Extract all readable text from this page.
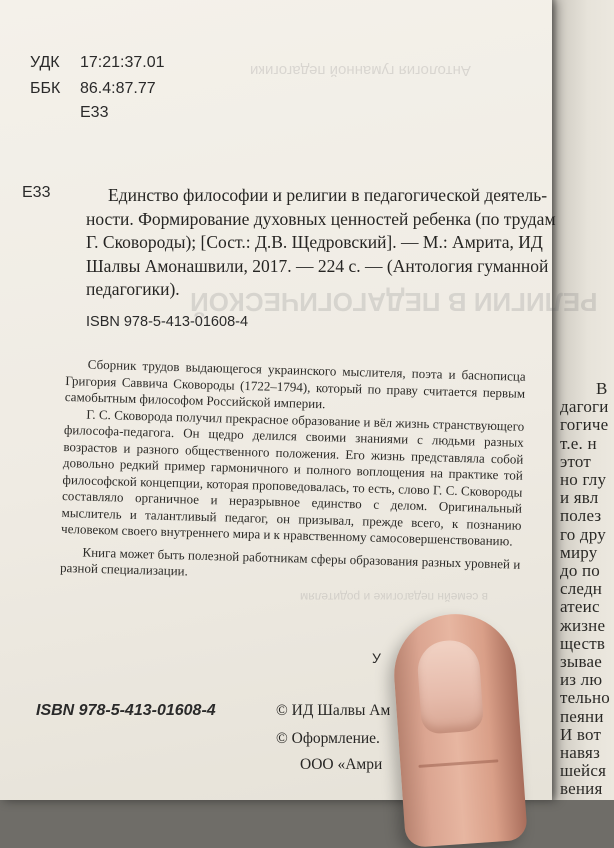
В
дагоги
гогиче
т.е. н
этот
но глу
и явл
полез
го дру
миру
до по
следн
атеис
жизне
ществ
зывае
из лю
тельно
пеяни
И вот
навяз
шейся
вения
Антология гуманной педагогики
РЕЛИГИИ В ПЕДАГОГИЧЕСКОЙ
в семейн педагогике и родителям
УДК 17:21:37.01
ББК 86.4:87.77
Е33
Е33	Единство философии и религии в педагогической деятель-
ности. Формирование духовных ценностей ребенка (по трудам
Г. Сковороды); [Сост.: Д.В. Щедровский]. — М.: Амрита, ИД
Шалвы Амонашвили, 2017. — 224 с. — (Антология гуманной
педагогики).
ISBN 978-5-413-01608-4

Сборник трудов выдающегося украинского мыслителя, поэта и баснописца Григория Саввича Сковороды (1722–1794), который по праву считается первым самобытным философом Российской империи.

Г. С. Сковорода получил прекрасное образование и вёл жизнь странствующего философа-педагога. Он щедро делился своими знаниями с людьми разных возрастов и разного общественного положения. Его жизнь представляла собой довольно редкий пример гармоничного и полного воплощения на практике той философской концепции, которая проповедовалась, то есть, слово Г. С. Сковороды составляло органичное и неразрывное единство с делом. Оригинальный мыслитель и талантливый педагог, он призывал, прежде всего, к познанию человеком своего внутреннего мира и к нравственному самосовершенствованию.

Книга может быть полезной работникам сферы образования разных уровней и разной специализации.

У
ISBN 978-5-413-01608-4	© ИД Шалвы Ам
© Оформление.
ООО «Амри
